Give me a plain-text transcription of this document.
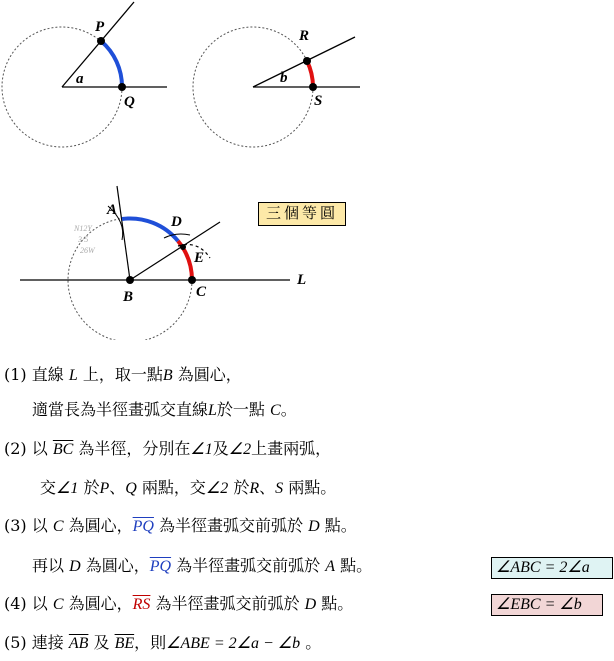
P
Q
a
R
S
b
A
D
E
B	C
L
N12Y
3/5
26W
三個等圓
(1) 直線 L 上，取一點B 為圓心，
適當長為半徑畫弧交直線L於一點 C。
(2) 以 $\overline{BC}$ 為半徑，分別在∠1及∠2上畫兩弧，
交∠1 於P、Q 兩點，交∠2 於R、S 兩點。
(3) 以 C 為圓心，$\overline{PQ}$ 為半徑畫弧交前弧於 D 點。
再以 D 為圓心，$\overline{PQ}$ 為半徑畫弧交前弧於 A 點。	∠ABC = 2∠a
(4) 以 C 為圓心，$\overline{RS}$ 為半徑畫弧交前弧於 D 點。	∠EBC = ∠b
(5) 連接 $\overline{AB}$ 及 $\overline{BE}$，則∠ABE = 2∠a − ∠b 。
